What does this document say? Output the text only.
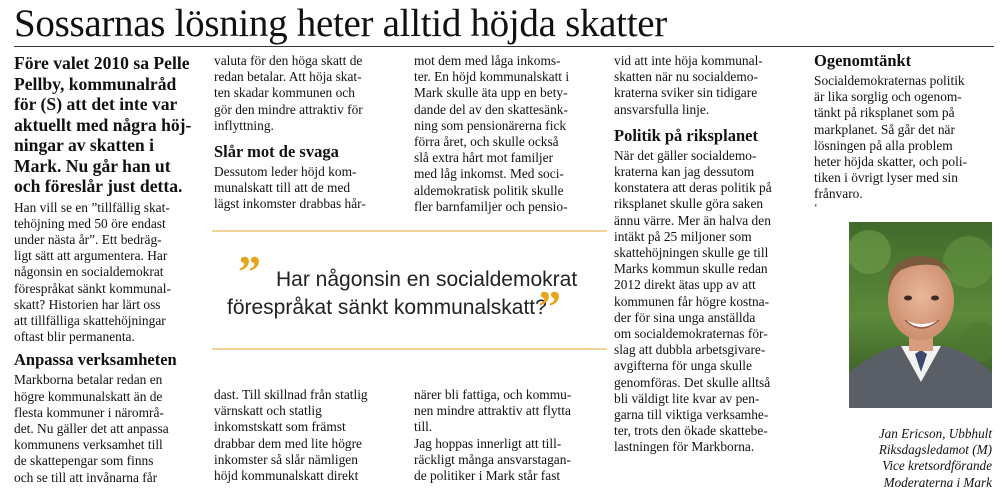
Sossarnas lösning heter alltid höjda skatter
Före valet 2010 sa Pelle
Pellby, kommunalråd
för (S) att det inte var
aktuellt med några höj-
ningar av skatten i
Mark. Nu går han ut
och föreslår just detta.
Han vill se en ”tillfällig skat-
tehöjning med 50 öre endast
under nästa år”. Ett bedräg-
ligt sätt att argumentera. Har
någonsin en socialdemokrat
förespråkat sänkt kommunal-
skatt? Historien har lärt oss
att tillfälliga skattehöjningar
oftast blir permanenta.
Anpassa verksamheten
Markborna betalar redan en
högre kommunalskatt än de
flesta kommuner i närområ-
det. Nu gäller det att anpassa
kommunens verksamhet till
de skattepengar som finns
och se till att invånarna får
valuta för den höga skatt de
redan betalar. Att höja skat-
ten skadar kommunen och
gör den mindre attraktiv för
inflyttning.
Slår mot de svaga
Dessutom leder höjd kom-
munalskatt till att de med
lägst inkomster drabbas hår-
mot dem med låga inkoms-
ter. En höjd kommunalskatt i
Mark skulle äta upp en bety-
dande del av den skattesänk-
ning som pensionärerna fick
förra året, och skulle också
slå extra hårt mot familjer
med låg inkomst. Med soci-
aldemokratisk politik skulle
fler barnfamiljer och pensio-
” Har någonsin en socialdemokrat
förespråkat sänkt kommunalskatt?
”
dast. Till skillnad från statlig
värnskatt och statlig
inkomstskatt som främst
drabbar dem med lite högre
inkomster så slår nämligen
höjd kommunalskatt direkt
närer bli fattiga, och kommu-
nen mindre attraktiv att flytta
till.
Jag hoppas innerligt att till-
räckligt många ansvarstagan-
de politiker i Mark står fast
vid att inte höja kommunal-
skatten när nu socialdemo-
kraterna sviker sin tidigare
ansvarsfulla linje.
Politik på riksplanet
När det gäller socialdemo-
kraterna kan jag dessutom
konstatera att deras politik på
riksplanet skulle göra saken
ännu värre. Mer än halva den
intäkt på 25 miljoner som
skattehöjningen skulle ge till
Marks kommun skulle redan
2012 direkt ätas upp av att
kommunen får högre kostna-
der för sina unga anställda
om socialdemokraternas för-
slag att dubbla arbetsgivare-
avgifterna för unga skulle
genomföras. Det skulle alltså
bli väldigt lite kvar av pen-
garna till viktiga verksamhe-
ter, trots den ökade skattebe-
lastningen för Markborna.
Ogenomtänkt
Socialdemokraternas politik
är lika sorglig och ogenom-
tänkt på riksplanet som på
markplanet. Så går det när
lösningen på alla problem
heter höjda skatter, och poli-
tiken i övrigt lyser med sin
frånvaro.
‘
Jan Ericson, Ubbhult
Riksdagsledamot (M)
Vice kretsordförande
Moderaterna i Mark
